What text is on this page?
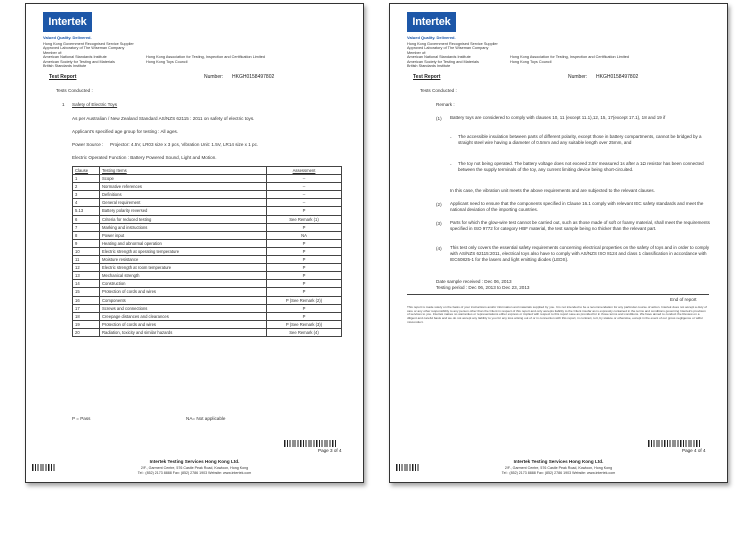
Intertek
Valued Quality. Delivered.
Hong Kong Government Recognised Service Supplier
Approved Laboratory of The Wiseman Company
Member of:
American National Standards Institute
American Society for Testing and Materials
British Standards Institute
Hong Kong Association for Testing, Inspection and Certification Limited
Hong Kong Toys Council
Test Report	Number: HKGH0158497802
Tests Conducted :
1 Safety of Electric Toys
As per Australian / New Zealand Standard AS/NZS 62115 : 2011 on safety of electric toys.
Applicant's specified age group for testing : All ages.
Power Source : Projector: 4.5V, LR03 size x 3 pcs, Vibration Unit: 1.5V, LR14 size x 1 pc.
Electric Operated Function : Battery Powered Sound, Light and Motion.
Clause	Testing Items	Assessment
1	Scope	--
2	Normative references	--
3	Definitions	--
4	General requirement	--
5.13	Battery polarity reversed	P
6	Criteria for reduced testing	See Remark (1)
7	Marking and instructions	P
8	Power input	NA
9	Heating and abnormal operation	P
10	Electric strength at operating temperature	P
11	Moisture resistance	P
12	Electric strength at room temperature	P
13	Mechanical strength	P
14	Construction	P
15	Protection of cords and wires	P
16	Components	P (See Remark (2))
17	Screws and connections	P
18	Creepage distances and clearances	P
19	Protection of cords and wires	P (See Remark (3))
20	Radiation, toxicity and similar hazards	See Remark (4)
P = Pass	NA= Not applicable
Page 3 of 4
Intertek Testing Services Hong Kong Ltd.
2/F., Garment Centre, 576 Castle Peak Road, Kowloon, Hong Kong
Tel : (852) 2173 8888 Fax: (852) 2786 1903 Website: www.intertek.com
Intertek
Valued Quality. Delivered.
Hong Kong Government Recognised Service Supplier
Approved Laboratory of The Wiseman Company
Member of:
American National Standards Institute
American Society for Testing and Materials
British Standards Institute
Hong Kong Association for Testing, Inspection and Certification Limited
Hong Kong Toys Council
Test Report	Number: HKGH0158497802
Tests Conducted :
Remark :
(1) Battery toys are considered to comply with clauses 10, 11 (except 11.1),12, 15, 17(except 17.1), 18 and 19 if
- The accessible insulation between parts of different polarity, except those in battery compartments, cannot be bridged by a straight steel wire having a diameter of 0.5mm and any suitable length over 25mm, and
- The toy not being operated. The battery voltage does not exceed 2.5V measured 1s after a 1Ω resistor has been connected between the supply terminals of the toy, any current limiting device being short-circuited.
In this case, the vibration unit meets the above requirements and are subjected to the relevant clauses.
(2) Applicant need to ensure that the components specified in Clause 16.1 comply with relevant IEC safety standards and meet the national deviation of the importing countries.
(3) Parts for which the glow-wire test cannot be carried out, such as those made of soft or foamy material, shall meet the requirements specified in ISO 9772 for category HBF material, the test sample being no thicker than the relevant part.
(4) This test only covers the essential safety requirements concerning electrical properties on the safety of toys and in order to comply with AS/NZS 62115:2011, electrical toys also have to comply with AS/NZS ISO 8124 and class 1 classification in accordance with IEC60825-1 for the lasers and light emitting diodes (LEDS).
Date sample received : Dec 06, 2013
Testing period : Dec 06, 2013 to Dec 23, 2013
End of report
This report is made solely on the basis of your instructions and/or information and materials supplied by you. It is not intended to be a recommendation for any particular course of action. Intertek does not accept a duty of care or any other responsibility to any person other than the Client in respect of this report and only accepts liability to the Client insofar as is expressly contained in the terms and conditions governing Intertek's provision of services to you. Intertek makes no warranties or representations either express or implied with respect to this report save as provided for in those terms and conditions. We have aimed to conduct the Review on a diligent and careful basis and we do not accept any liability to you for any loss arising out of or in connection with this report, in contract, tort, by statute or otherwise, except in the event of our gross negligence or wilful misconduct.
Page 4 of 4
Intertek Testing Services Hong Kong Ltd.
2/F., Garment Centre, 576 Castle Peak Road, Kowloon, Hong Kong
Tel : (852) 2173 8888 Fax: (852) 2786 1903 Website: www.intertek.com
